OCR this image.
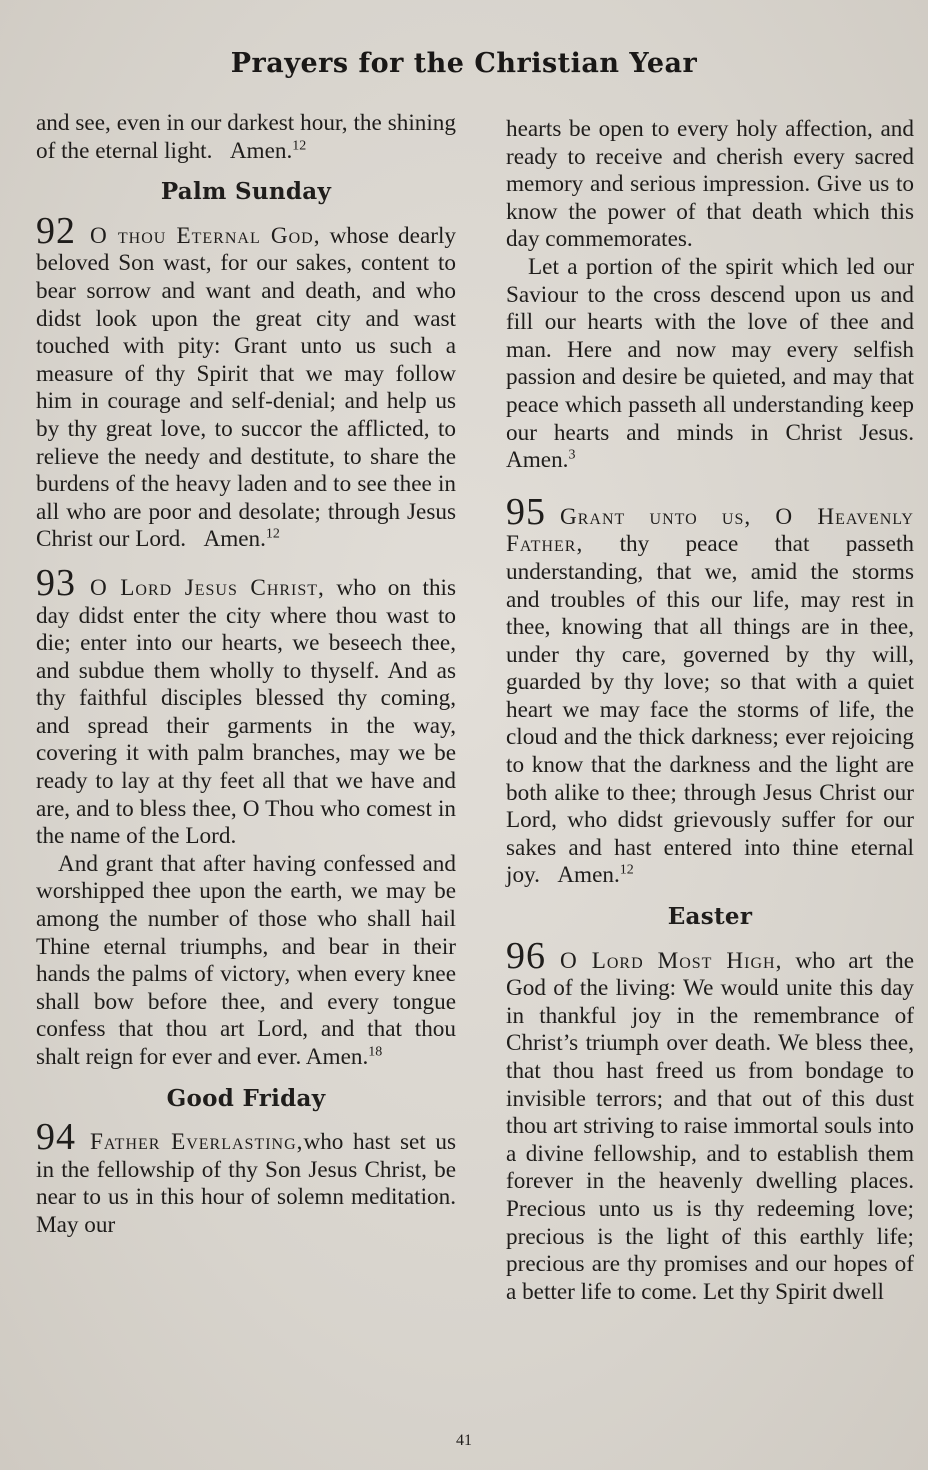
Prayers for the Christian Year

and see, even in our darkest hour, the shining of the eternal light. Amen.$^{12}$

Palm Sunday

92 O thou Eternal God, whose dearly beloved Son wast, for our sakes, content to bear sorrow and want and death, and who didst look upon the great city and wast touched with pity: Grant unto us such a measure of thy Spirit that we may follow him in courage and self-denial; and help us by thy great love, to succor the afflicted, to relieve the needy and destitute, to share the burdens of the heavy laden and to see thee in all who are poor and desolate; through Jesus Christ our Lord. Amen.$^{12}$

93 O Lord Jesus Christ, who on this day didst enter the city where thou wast to die; enter into our hearts, we beseech thee, and subdue them wholly to thyself. And as thy faithful disciples blessed thy coming, and spread their garments in the way, covering it with palm branches, may we be ready to lay at thy feet all that we have and are, and to bless thee, O Thou who comest in the name of the Lord.

And grant that after having confessed and worshipped thee upon the earth, we may be among the number of those who shall hail Thine eternal triumphs, and bear in their hands the palms of victory, when every knee shall bow before thee, and every tongue confess that thou art Lord, and that thou shalt reign for ever and ever. Amen.$^{18}$

Good Friday

94 Father Everlasting,who hast set us in the fellowship of thy Son Jesus Christ, be near to us in this hour of solemn meditation. May our

hearts be open to every holy affection, and ready to receive and cherish every sacred memory and serious impression. Give us to know the power of that death which this day commemorates.

Let a portion of the spirit which led our Saviour to the cross descend upon us and fill our hearts with the love of thee and man. Here and now may every selfish passion and desire be quieted, and may that peace which passeth all understanding keep our hearts and minds in Christ Jesus. Amen.$^3$

95 Grant unto us, O Heavenly Father, thy peace that passeth understanding, that we, amid the storms and troubles of this our life, may rest in thee, knowing that all things are in thee, under thy care, governed by thy will, guarded by thy love; so that with a quiet heart we may face the storms of life, the cloud and the thick darkness; ever rejoicing to know that the darkness and the light are both alike to thee; through Jesus Christ our Lord, who didst grievously suffer for our sakes and hast entered into thine eternal joy. Amen.$^{12}$

Easter

96 O Lord Most High, who art the God of the living: We would unite this day in thankful joy in the remembrance of Christ’s triumph over death. We bless thee, that thou hast freed us from bondage to invisible terrors; and that out of this dust thou art striving to raise immortal souls into a divine fellowship, and to establish them forever in the heavenly dwelling places. Precious unto us is thy redeeming love; precious is the light of this earthly life; precious are thy promises and our hopes of a better life to come. Let thy Spirit dwell

41
